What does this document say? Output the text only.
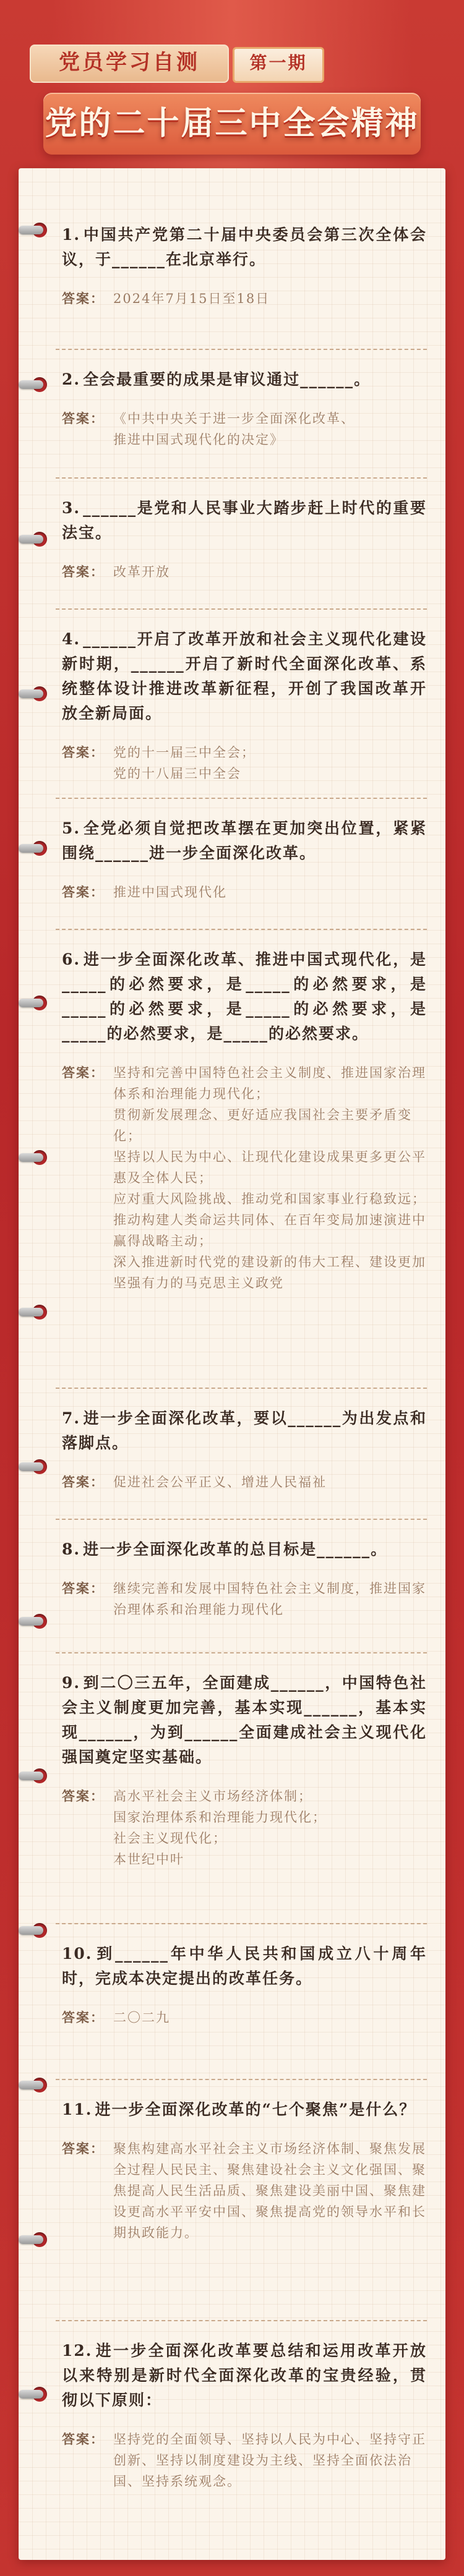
党员学习自测	第一期
党的二十届三中全会精神
1. 中国共产党第二十届中央委员会第三次全体会议，于______在北京举行。
答案： 2024年7月15日至18日
2. 全会最重要的成果是审议通过______。
答案： 《中共中央关于进一步全面深化改革、
推进中国式现代化的决定》
3. ______是党和人民事业大踏步赶上时代的重要法宝。
答案： 改革开放
4. ______开启了改革开放和社会主义现代化建设新时期，______开启了新时代全面深化改革、系统整体设计推进改革新征程，开创了我国改革开放全新局面。
答案： 党的十一届三中全会；
党的十八届三中全会
5. 全党必须自觉把改革摆在更加突出位置，紧紧围绕______进一步全面深化改革。
答案： 推进中国式现代化
6. 进一步全面深化改革、推进中国式现代化，是_____的必然要求，是_____的必然要求，是_____的必然要求，是_____的必然要求，是_____的必然要求，是_____的必然要求。
答案： 坚持和完善中国特色社会主义制度、推进国家治理体系和治理能力现代化；
贯彻新发展理念、更好适应我国社会主要矛盾变化；
坚持以人民为中心、让现代化建设成果更多更公平惠及全体人民；
应对重大风险挑战、推动党和国家事业行稳致远；
推动构建人类命运共同体、在百年变局加速演进中赢得战略主动；
深入推进新时代党的建设新的伟大工程、建设更加坚强有力的马克思主义政党
7. 进一步全面深化改革，要以______为出发点和落脚点。
答案： 促进社会公平正义、增进人民福祉
8. 进一步全面深化改革的总目标是______。
答案： 继续完善和发展中国特色社会主义制度，推进国家治理体系和治理能力现代化
9. 到二〇三五年，全面建成______，中国特色社会主义制度更加完善，基本实现______，基本实现______，为到______全面建成社会主义现代化强国奠定坚实基础。
答案： 高水平社会主义市场经济体制；
国家治理体系和治理能力现代化；
社会主义现代化；
本世纪中叶
10. 到______年中华人民共和国成立八十周年时，完成本决定提出的改革任务。
答案： 二〇二九
11. 进一步全面深化改革的“七个聚焦”是什么？
答案： 聚焦构建高水平社会主义市场经济体制、聚焦发展全过程人民民主、聚焦建设社会主义文化强国、聚焦提高人民生活品质、聚焦建设美丽中国、聚焦建设更高水平平安中国、聚焦提高党的领导水平和长期执政能力。
12. 进一步全面深化改革要总结和运用改革开放以来特别是新时代全面深化改革的宝贵经验，贯彻以下原则：
答案： 坚持党的全面领导、坚持以人民为中心、坚持守正创新、坚持以制度建设为主线、坚持全面依法治国、坚持系统观念。
